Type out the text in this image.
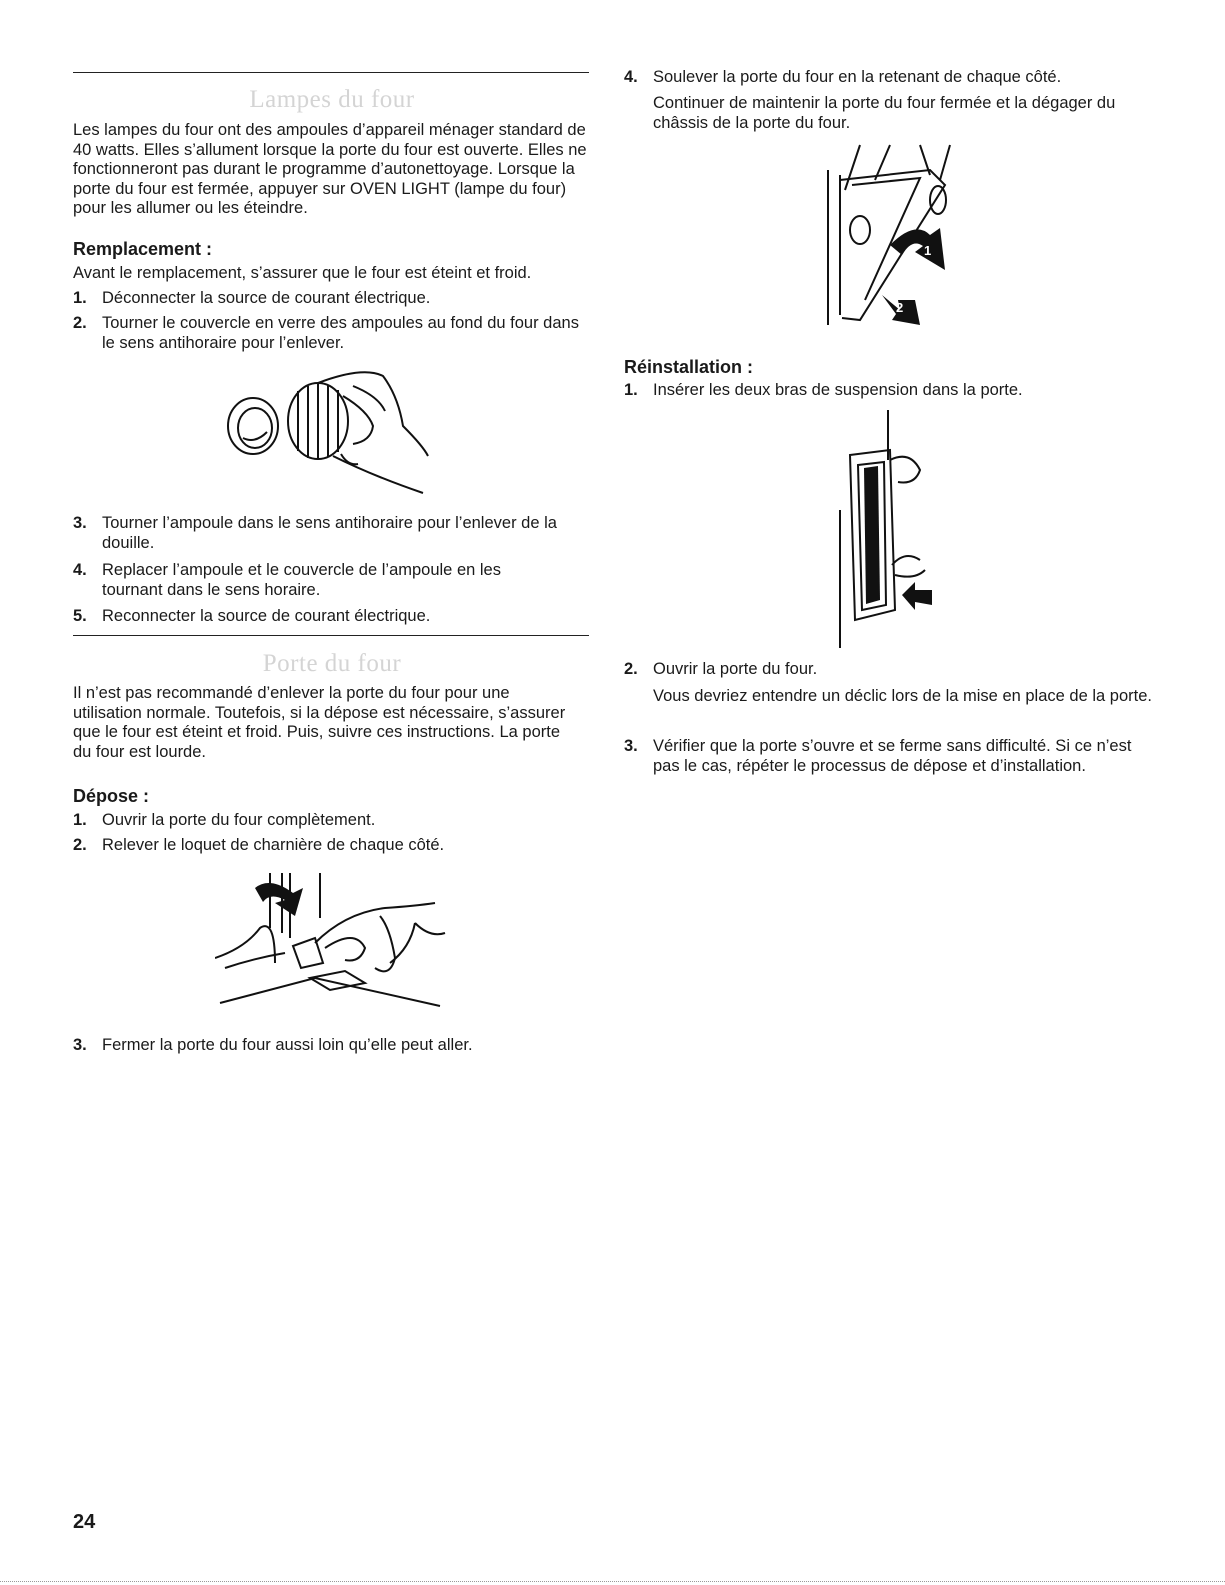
Lampes du four

Les lampes du four ont des ampoules d’appareil ménager standard de 40 watts. Elles s’allument lorsque la porte du four est ouverte. Elles ne fonctionneront pas durant le programme d’autonettoyage. Lorsque la porte du four est fermée, appuyer sur OVEN LIGHT (lampe du four) pour les allumer ou les éteindre.

Remplacement :

Avant le remplacement, s’assurer que le four est éteint et froid.

1. Déconnecter la source de courant électrique.
2. Tourner le couvercle en verre des ampoules au fond du four dans le sens antihoraire pour l’enlever.
3. Tourner l’ampoule dans le sens antihoraire pour l’enlever de la douille.
4. Replacer l’ampoule et le couvercle de l’ampoule en les tournant dans le sens horaire.
5. Reconnecter la source de courant électrique.
Porte du four

Il n’est pas recommandé d’enlever la porte du four pour une utilisation normale. Toutefois, si la dépose est nécessaire, s’assurer que le four est éteint et froid. Puis, suivre ces instructions. La porte du four est lourde.

Dépose :

1. Ouvrir la porte du four complètement.
2. Relever le loquet de charnière de chaque côté.
3. Fermer la porte du four aussi loin qu’elle peut aller.
4. Soulever la porte du four en la retenant de chaque côté.

Continuer de maintenir la porte du four fermée et la dégager du châssis de la porte du four.

1
2

Réinstallation :

1. Insérer les deux bras de suspension dans la porte.
2. Ouvrir la porte du four.

Vous devriez entendre un déclic lors de la mise en place de la porte.

3. Vérifier que la porte s’ouvre et se ferme sans difficulté. Si ce n’est pas le cas, répéter le processus de dépose et d’installation.
24
